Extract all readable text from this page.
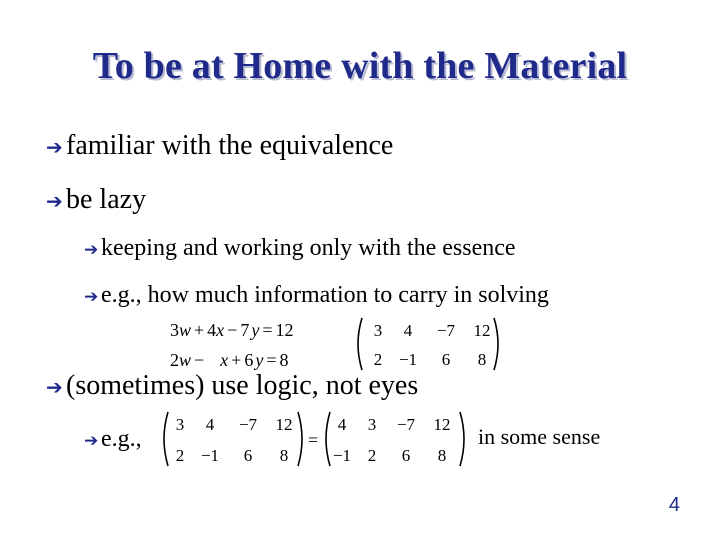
To be at Home with the Material
➔ familiar with the equivalence
➔ be lazy
➔ keeping and working only with the essence
➔ e.g., how much information to carry in solving
3w + 4x − 7 y = 12
2w − x + 6 y = 8
3 4 −7 12
2 −1 6 8
➔ (sometimes) use logic, not eyes
➔ e.g.,
3 4 −7 12
2 −1 6 8
=
4 3 −7 12
−1 2 6 8
in some sense
4
